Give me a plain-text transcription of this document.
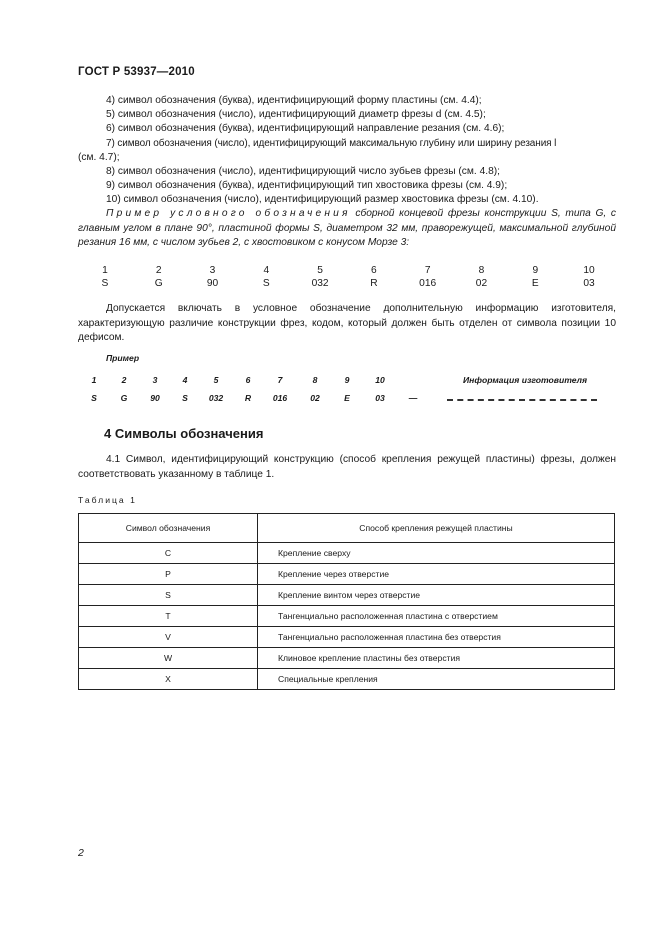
ГОСТ Р 53937—2010
4) символ обозначения (буква), идентифицирующий форму пластины (см. 4.4);
5) символ обозначения (число), идентифицирующий диаметр фрезы d (см. 4.5);
6) символ обозначения (буква), идентифицирующий направление резания (см. 4.6);
7) символ обозначения (число), идентифицирующий максимальную глубину или ширину резания l
(см. 4.7);
8) символ обозначения (число), идентифицирующий число зубьев фрезы (см. 4.8);
9) символ обозначения (буква), идентифицирующий тип хвостовика фрезы (см. 4.9);
10) символ обозначения (число), идентифицирующий размер хвостовика фрезы (см. 4.10).
Пример условного обозначения сборной концевой фрезы конструкции S, типа G, с главным углом в плане 90°, пластиной формы S, диаметром 32 мм, праворежущей, максимальной глубиной резания 16 мм, с числом зубьев 2, с хвостовиком с конусом Морзе 3:
1	2	3	4	5	6	7	8	9	10
S	G	90	S	032	R	016	02	E	03
Допускается включать в условное обозначение дополнительную информацию изготовителя, характеризующую различие конструкции фрез, кодом, который должен быть отделен от символа позиции 10 дефисом.
Пример
1	2	3	4	5	6	7	8	9	10	Информация изготовителя
S	G	90	S	032	R	016	02	E	03	—
4 Символы обозначения
4.1 Символ, идентифицирующий конструкцию (способ крепления режущей пластины) фрезы, должен соответствовать указанному в таблице 1.
Таблица 1
Символ обозначения	Способ крепления режущей пластины
C	Крепление сверху
P	Крепление через отверстие
S	Крепление винтом через отверстие
T	Тангенциально расположенная пластина с отверстием
V	Тангенциально расположенная пластина без отверстия
W	Клиновое крепление пластины без отверстия
X	Специальные крепления
2
